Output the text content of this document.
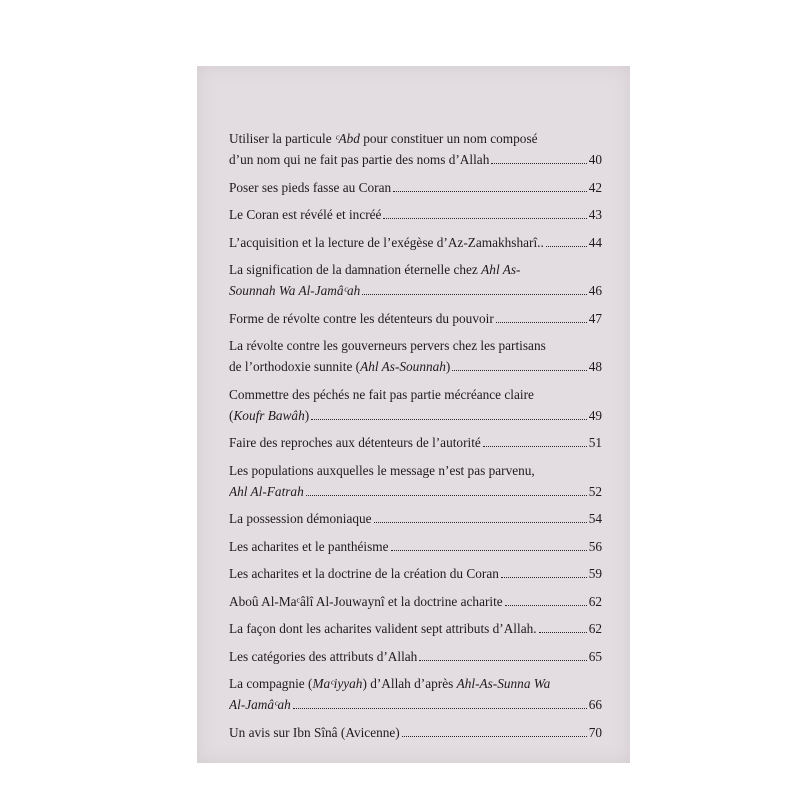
Utiliser la particule ᶜAbd pour constituer un nom composé
d’un nom qui ne fait pas partie des noms d’Allah	40
Poser ses pieds fasse au Coran	42
Le Coran est révélé et incréé	43
L’acquisition et la lecture de l’exégèse d’Az-Zamakhsharî..	44
La signification de la damnation éternelle chez Ahl As-
Sounnah Wa Al-Jamâᶜah	46
Forme de révolte contre les détenteurs du pouvoir	47
La révolte contre les gouverneurs pervers chez les partisans
de l’orthodoxie sunnite (Ahl As-Sounnah)	48
Commettre des péchés ne fait pas partie mécréance claire
(Koufr Bawâh)	49
Faire des reproches aux détenteurs de l’autorité	51
Les populations auxquelles le message n’est pas parvenu,
Ahl Al-Fatrah	52
La possession démoniaque	54
Les acharites et le panthéisme	56
Les acharites et la doctrine de la création du Coran	59
Aboû Al-Maᶜâlî Al-Jouwaynî et la doctrine acharite	62
La façon dont les acharites valident sept attributs d’Allah.	62
Les catégories des attributs d’Allah	65
La compagnie (Maᶜiyyah) d’Allah d’après Ahl-As-Sunna Wa
Al-Jamâᶜah	66
Un avis sur Ibn Sînâ (Avicenne)	70
